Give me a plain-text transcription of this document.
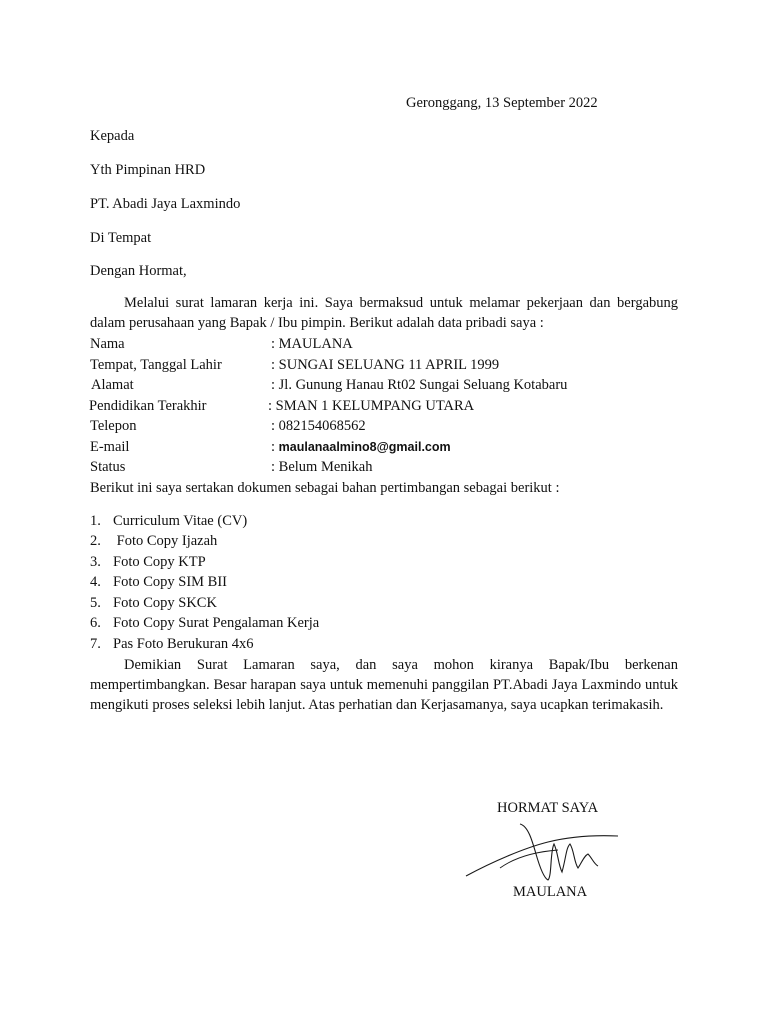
Geronggang, 13 September 2022
Kepada
Yth Pimpinan HRD
PT. Abadi Jaya Laxmindo
Di Tempat
Dengan Hormat,
Melalui surat lamaran kerja ini. Saya bermaksud untuk melamar pekerjaan dan bergabung dalam perusahaan yang Bapak / Ibu pimpin. Berikut adalah data pribadi saya :
Nama	: MAULANA
Tempat, Tanggal Lahir	: SUNGAI SELUANG 11 APRIL 1999
Alamat	: Jl. Gunung Hanau Rt02 Sungai Seluang Kotabaru
Pendidikan Terakhir	: SMAN 1 KELUMPANG UTARA
Telepon	: 082154068562
E-mail	: maulanaalmino8@gmail.com
Status	: Belum Menikah
Berikut ini saya sertakan dokumen sebagai bahan pertimbangan sebagai berikut :
1. Curriculum Vitae (CV)
2. Foto Copy Ijazah
3. Foto Copy KTP
4. Foto Copy SIM BII
5. Foto Copy SKCK
6. Foto Copy Surat Pengalaman Kerja
7. Pas Foto Berukuran 4x6
Demikian Surat Lamaran saya, dan saya mohon kiranya Bapak/Ibu berkenan mempertimbangkan. Besar harapan saya untuk memenuhi panggilan PT.Abadi Jaya Laxmindo untuk mengikuti proses seleksi lebih lanjut. Atas perhatian dan Kerjasamanya, saya ucapkan terimakasih.
HORMAT SAYA
MAULANA
